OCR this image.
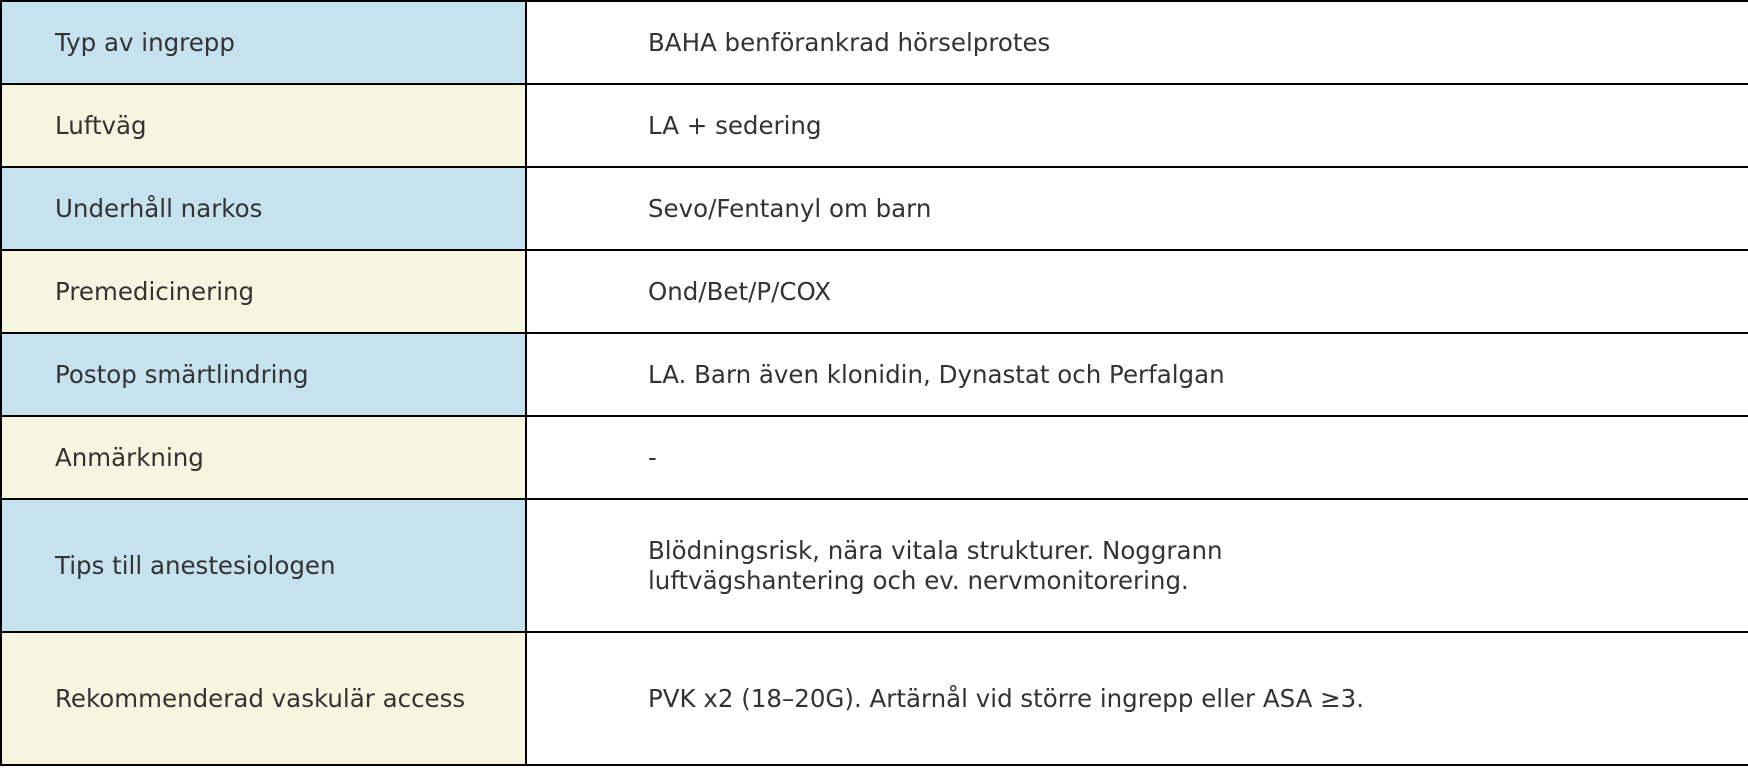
Typ av ingrepp	BAHA benförankrad hörselprotes
Luftväg	LA + sedering
Underhåll narkos	Sevo/Fentanyl om barn
Premedicinering	Ond/Bet/P/COX
Postop smärtlindring	LA. Barn även klonidin, Dynastat och Perfalgan
Anmärkning	-
Tips till anestesiologen	Blödningsrisk, nära vitala strukturer. Noggrann luftvägshantering och ev. nervmonitorering.
Rekommenderad vaskulär access	PVK x2 (18–20G). Artärnål vid större ingrepp eller ASA ≥3.
